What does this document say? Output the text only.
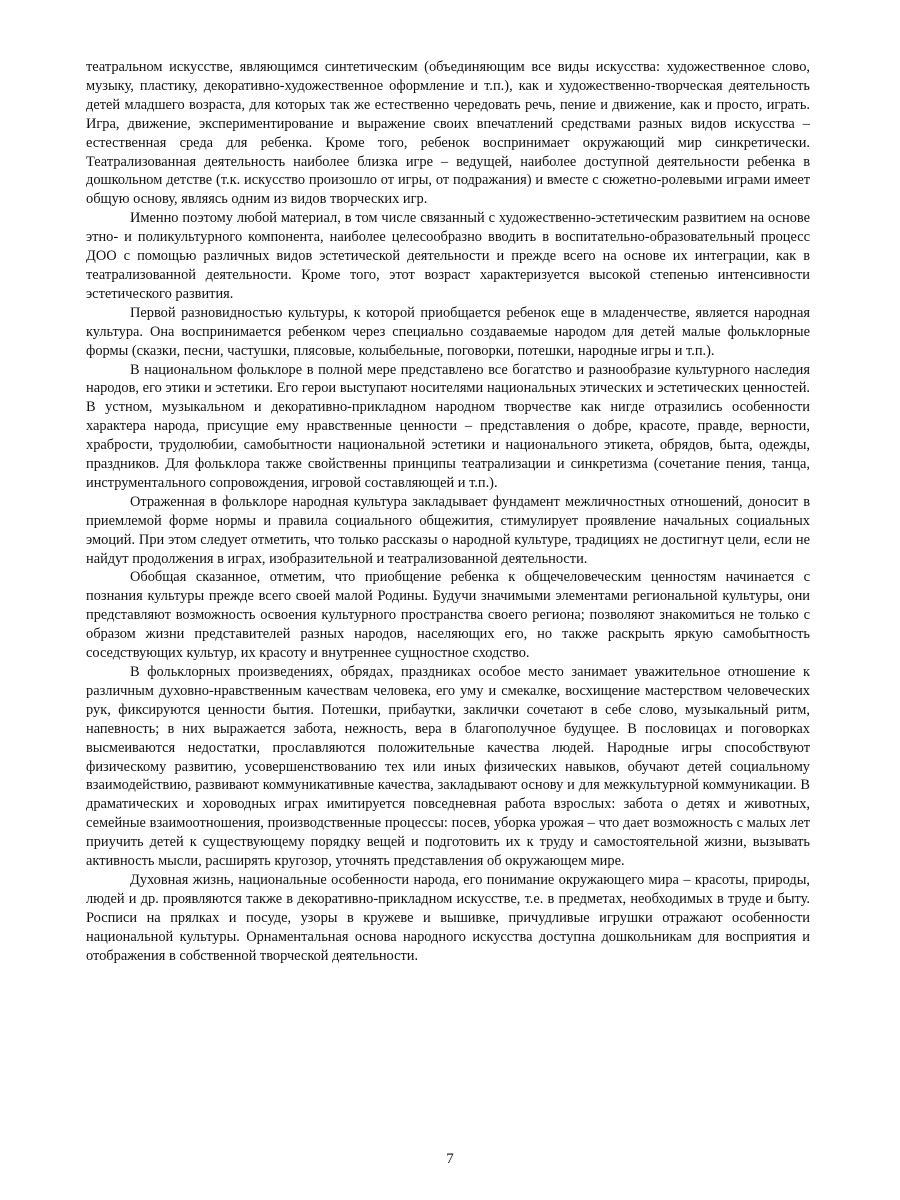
театральном искусстве, являющимся синтетическим (объединяющим все виды искусства: художественное слово, музыку, пластику, декоративно-художественное оформление и т.п.), как и художественно-творческая деятельность детей младшего возраста, для которых так же естественно чередовать речь, пение и движение, как и просто, играть. Игра, движение, экспериментирование и выражение своих впечатлений средствами разных видов искусства – естественная среда для ребенка. Кроме того, ребенок воспринимает окружающий мир синкретически. Театрализованная деятельность наиболее близка игре – ведущей, наиболее доступной деятельности ребенка в дошкольном детстве (т.к. искусство произошло от игры, от подражания) и вместе с сюжетно-ролевыми играми имеет общую основу, являясь одним из видов творческих игр.

Именно поэтому любой материал, в том числе связанный с художественно-эстетическим развитием на основе этно- и поликультурного компонента, наиболее целесообразно вводить в воспитательно-образовательный процесс ДОО с помощью различных видов эстетической деятельности и прежде всего на основе их интеграции, как в театрализованной деятельности. Кроме того, этот возраст характеризуется высокой степенью интенсивности эстетического развития.

Первой разновидностью культуры, к которой приобщается ребенок еще в младенчестве, является народная культура. Она воспринимается ребенком через специально создаваемые народом для детей малые фольклорные формы (сказки, песни, частушки, плясовые, колыбельные, поговорки, потешки, народные игры и т.п.).

В национальном фольклоре в полной мере представлено все богатство и разнообразие культурного наследия народов, его этики и эстетики. Его герои выступают носителями национальных этических и эстетических ценностей. В устном, музыкальном и декоративно-прикладном народном творчестве как нигде отразились особенности характера народа, присущие ему нравственные ценности – представления о добре, красоте, правде, верности, храбрости, трудолюбии, самобытности национальной эстетики и национального этикета, обрядов, быта, одежды, праздников. Для фольклора также свойственны принципы театрализации и синкретизма (сочетание пения, танца, инструментального сопровождения, игровой составляющей и т.п.).

Отраженная в фольклоре народная культура закладывает фундамент межличностных отношений, доносит в приемлемой форме нормы и правила социального общежития, стимулирует проявление начальных социальных эмоций. При этом следует отметить, что только рассказы о народной культуре, традициях не достигнут цели, если не найдут продолжения в играх, изобразительной и театрализованной деятельности.

Обобщая сказанное, отметим, что приобщение ребенка к общечеловеческим ценностям начинается с познания культуры прежде всего своей малой Родины. Будучи значимыми элементами региональной культуры, они представляют возможность освоения культурного пространства своего региона; позволяют знакомиться не только с образом жизни представителей разных народов, населяющих его, но также раскрыть яркую самобытность соседствующих культур, их красоту и внутреннее сущностное сходство.

В фольклорных произведениях, обрядах, праздниках особое место занимает уважительное отношение к различным духовно-нравственным качествам человека, его уму и смекалке, восхищение мастерством человеческих рук, фиксируются ценности бытия. Потешки, прибаутки, заклички сочетают в себе слово, музыкальный ритм, напевность; в них выражается забота, нежность, вера в благополучное будущее. В пословицах и поговорках высмеиваются недостатки, прославляются положительные качества людей. Народные игры способствуют физическому развитию, усовершенствованию тех или иных физических навыков, обучают детей социальному взаимодействию, развивают коммуникативные качества, закладывают основу и для межкультурной коммуникации. В драматических и хороводных играх имитируется повседневная работа взрослых: забота о детях и животных, семейные взаимоотношения, производственные процессы: посев, уборка урожая – что дает возможность с малых лет приучить детей к существующему порядку вещей и подготовить их к труду и самостоятельной жизни, вызывать активность мысли, расширять кругозор, уточнять представления об окружающем мире.

Духовная жизнь, национальные особенности народа, его понимание окружающего мира – красоты, природы, людей и др. проявляются также в декоративно-прикладном искусстве, т.е. в предметах, необходимых в труде и быту. Росписи на прялках и посуде, узоры в кружеве и вышивке, причудливые игрушки отражают особенности национальной культуры. Орнаментальная основа народного искусства доступна дошкольникам для восприятия и отображения в собственной творческой деятельности.

7
